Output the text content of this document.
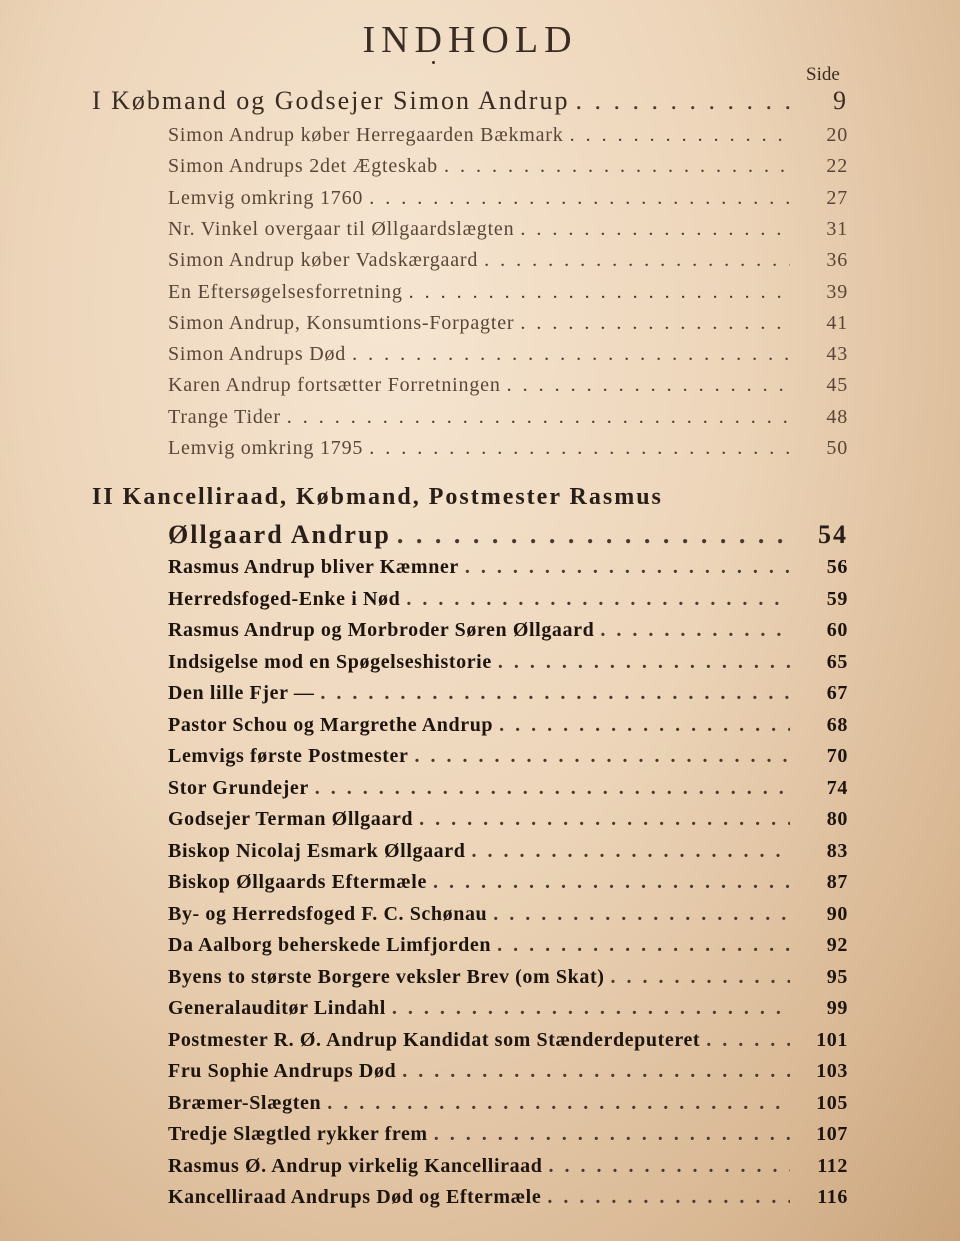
INDHOLD
Side
I Købmand og Godsejer Simon Andrup . . .	9
Simon Andrup køber Herregaarden Bækmark . . .	20
Simon Andrups 2det Ægteskab . . .	22
Lemvig omkring 1760 . . .	27
Nr. Vinkel overgaar til Øllgaardslægten . . .	31
Simon Andrup køber Vadskærgaard . . .	36
En Eftersøgelsesforretning . . .	39
Simon Andrup, Konsumtions-Forpagter . . .	41
Simon Andrups Død . . .	43
Karen Andrup fortsætter Forretningen . . .	45
Trange Tider . . .	48
Lemvig omkring 1795 . . .	50
II Kancelliraad, Købmand, Postmester Rasmus
Øllgaard Andrup . . .	54
Rasmus Andrup bliver Kæmner . . .	56
Herredsfoged-Enke i Nød . . .	59
Rasmus Andrup og Morbroder Søren Øllgaard . . .	60
Indsigelse mod en Spøgelseshistorie . . .	65
Den lille Fjer — . . .	67
Pastor Schou og Margrethe Andrup . . .	68
Lemvigs første Postmester . . .	70
Stor Grundejer . . .	74
Godsejer Terman Øllgaard . . .	80
Biskop Nicolaj Esmark Øllgaard . . .	83
Biskop Øllgaards Eftermæle . . .	87
By- og Herredsfoged F. C. Schønau . . .	90
Da Aalborg beherskede Limfjorden . . .	92
Byens to største Borgere veksler Brev (om Skat) . . .	95
Generalauditør Lindahl . . .	99
Postmester R. Ø. Andrup Kandidat som Stænderdeputeret . . .	101
Fru Sophie Andrups Død . . .	103
Bræmer-Slægten . . .	105
Tredje Slægtled rykker frem . . .	107
Rasmus Ø. Andrup virkelig Kancelliraad . . .	112
Kancelliraad Andrups Død og Eftermæle . . .	116
